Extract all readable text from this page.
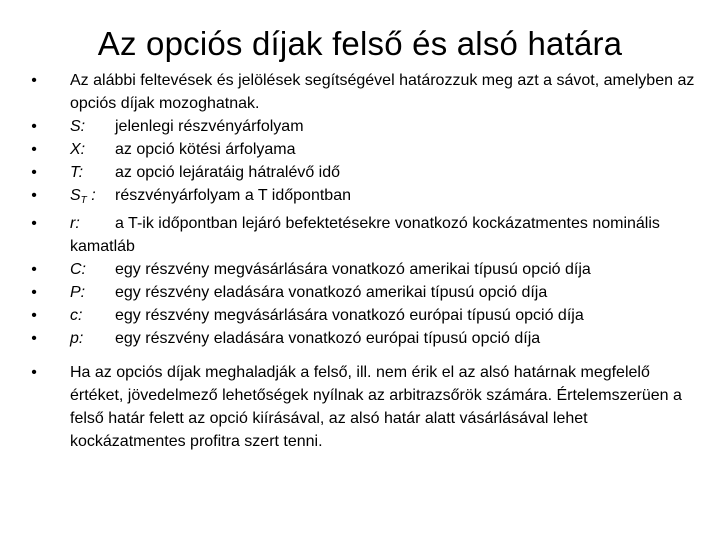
Az opciós díjak felső és alsó határa
• Az alábbi feltevések és jelölések segítségével határozzuk meg azt a sávot, amelyben az opciós díjak mozoghatnak.
• S: jelenlegi részvényárfolyam
• X: az opció kötési árfolyama
• T: az opció lejáratáig hátralévő idő
• $S_T$ : részvényárfolyam a T időpontban
• r: a T-ik időpontban lejáró befektetésekre vonatkozó kockázatmentes nominális kamatláb
• C: egy részvény megvásárlására vonatkozó amerikai típusú opció díja
• P: egy részvény eladására vonatkozó amerikai típusú opció díja
• c: egy részvény megvásárlására vonatkozó európai típusú opció díja
• p: egy részvény eladására vonatkozó európai típusú opció díja
• Ha az opciós díjak meghaladják a felső, ill. nem érik el az alsó határnak megfelelő értéket, jövedelmező lehetőségek nyílnak az arbitrazsőrök számára. Értelemszerüen a felső határ felett az opció kiírásával, az alsó határ alatt vásárlásával lehet kockázatmentes profitra szert tenni.
